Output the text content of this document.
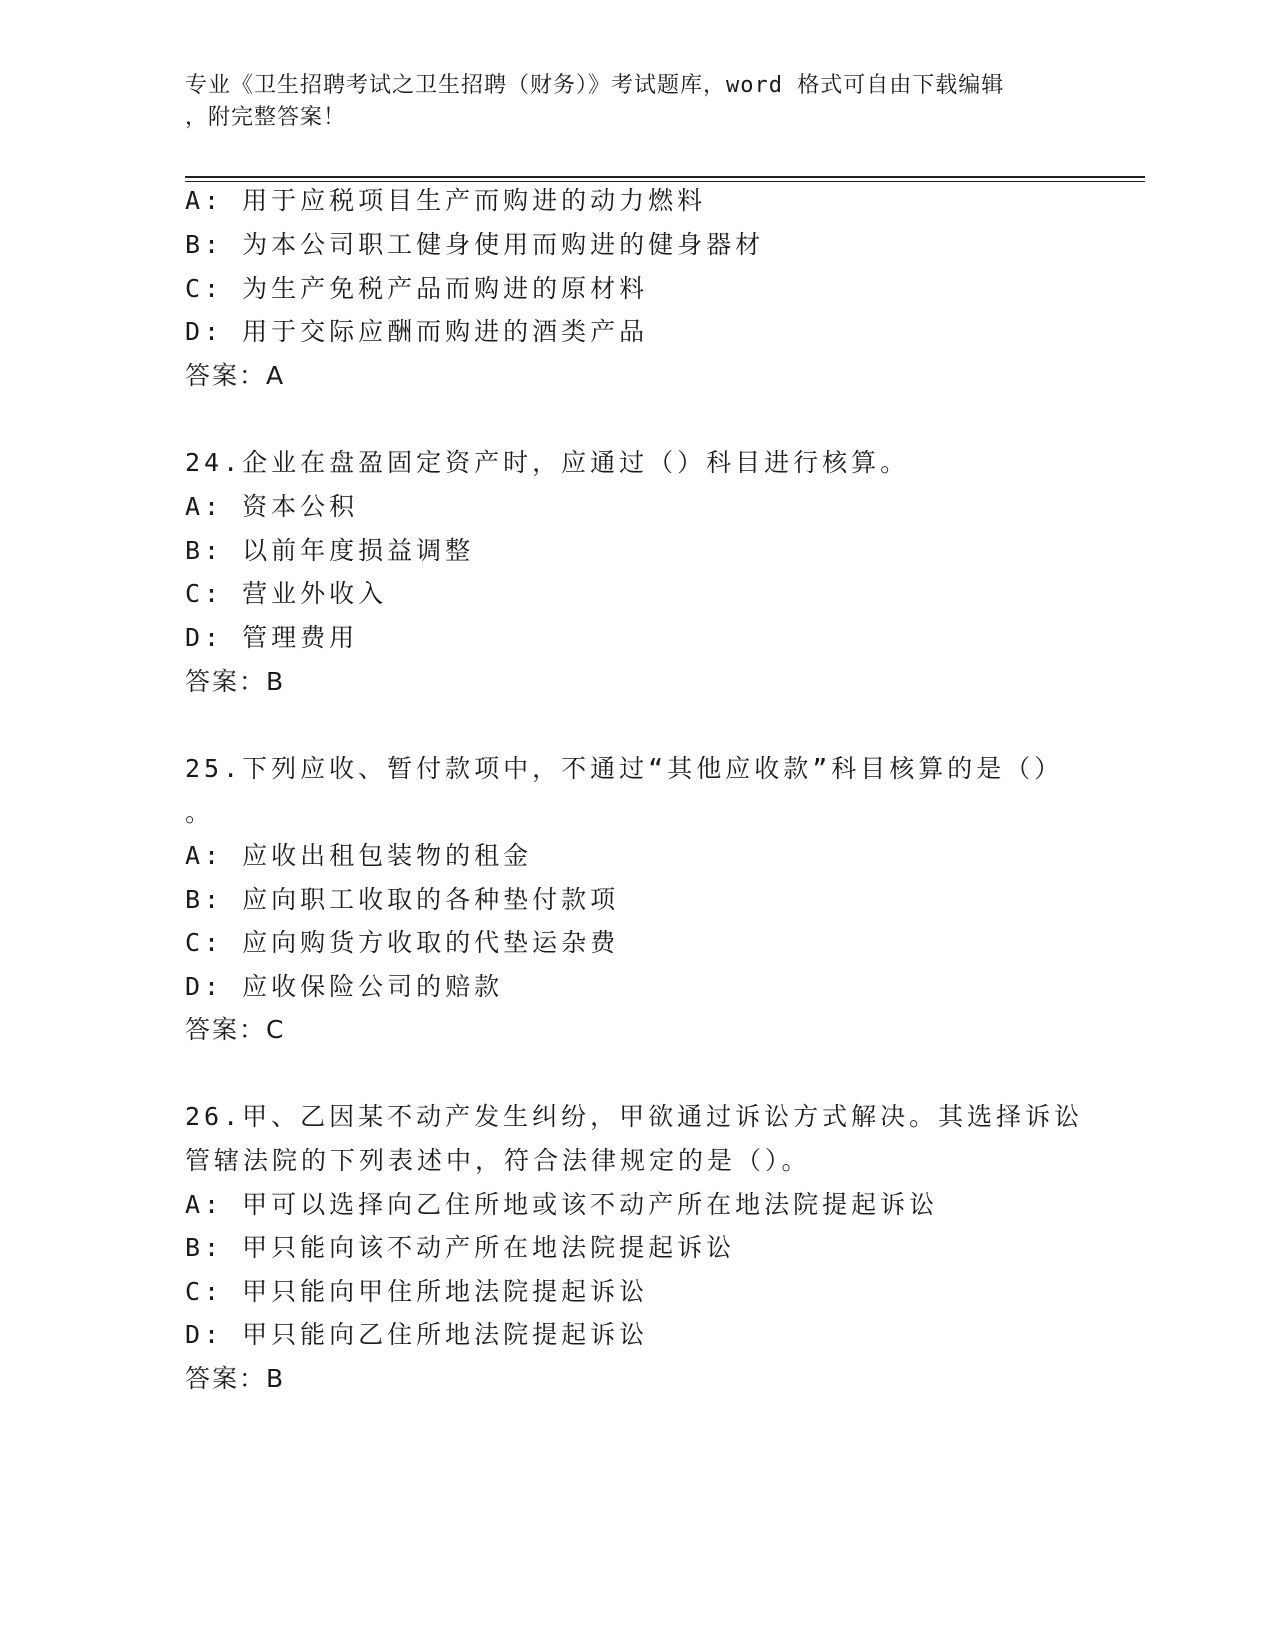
专业《卫生招聘考试之卫生招聘（财务）》考试题库，word 格式可自由下载编辑
，附完整答案！
A: 用于应税项目生产而购进的动力燃料
B: 为本公司职工健身使用而购进的健身器材
C: 为生产免税产品而购进的原材料
D: 用于交际应酬而购进的酒类产品
答案：A
24.企业在盘盈固定资产时，应通过（）科目进行核算。
A: 资本公积
B: 以前年度损益调整
C: 营业外收入
D: 管理费用
答案：B
25.下列应收、暂付款项中，不通过“其他应收款”科目核算的是（）
。
A: 应收出租包装物的租金
B: 应向职工收取的各种垫付款项
C: 应向购货方收取的代垫运杂费
D: 应收保险公司的赔款
答案：C
26.甲、乙因某不动产发生纠纷，甲欲通过诉讼方式解决。其选择诉讼
管辖法院的下列表述中，符合法律规定的是（）。
A: 甲可以选择向乙住所地或该不动产所在地法院提起诉讼
B: 甲只能向该不动产所在地法院提起诉讼
C: 甲只能向甲住所地法院提起诉讼
D: 甲只能向乙住所地法院提起诉讼
答案：B
